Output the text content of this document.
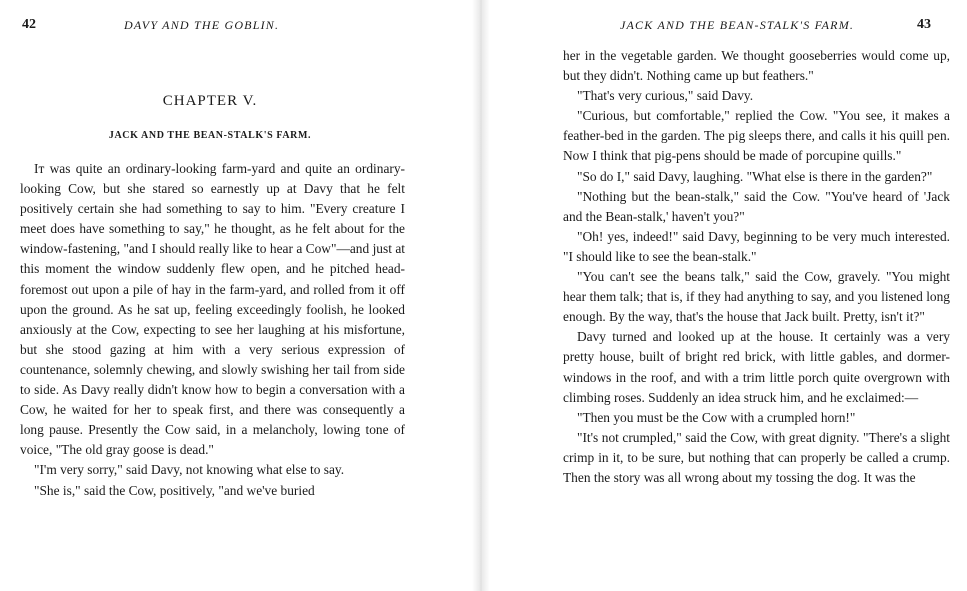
42	DAVY AND THE GOBLIN.
CHAPTER V.
JACK AND THE BEAN-STALK'S FARM.

Iᴛ was quite an ordinary-looking farm-yard and quite an ordinary-looking Cow, but she stared so earnestly up at Davy that he felt positively certain she had something to say to him. "Every creature I meet does have something to say," he thought, as he felt about for the window-fastening, "and I should really like to hear a Cow"—and just at this moment the window suddenly flew open, and he pitched head-foremost out upon a pile of hay in the farm-yard, and rolled from it off upon the ground. As he sat up, feeling exceedingly foolish, he looked anxiously at the Cow, expecting to see her laughing at his misfortune, but she stood gazing at him with a very serious expression of countenance, solemnly chewing, and slowly swishing her tail from side to side. As Davy really didn't know how to begin a conversation with a Cow, he waited for her to speak first, and there was consequently a long pause. Presently the Cow said, in a melancholy, lowing tone of voice, "The old gray goose is dead."

"I'm very sorry," said Davy, not knowing what else to say.

"She is," said the Cow, positively, "and we've buried

JACK AND THE BEAN-STALK'S FARM.	43

her in the vegetable garden. We thought gooseberries would come up, but they didn't. Nothing came up but feathers."

"That's very curious," said Davy.

"Curious, but comfortable," replied the Cow. "You see, it makes a feather-bed in the garden. The pig sleeps there, and calls it his quill pen. Now I think that pig-pens should be made of porcupine quills."

"So do I," said Davy, laughing. "What else is there in the garden?"

"Nothing but the bean-stalk," said the Cow. "You've heard of 'Jack and the Bean-stalk,' haven't you?"

"Oh! yes, indeed!" said Davy, beginning to be very much interested. "I should like to see the bean-stalk."

"You can't see the beans talk," said the Cow, gravely. "You might hear them talk; that is, if they had anything to say, and you listened long enough. By the way, that's the house that Jack built. Pretty, isn't it?"

Davy turned and looked up at the house. It certainly was a very pretty house, built of bright red brick, with little gables, and dormer-windows in the roof, and with a trim little porch quite overgrown with climbing roses. Suddenly an idea struck him, and he exclaimed:—

"Then you must be the Cow with a crumpled horn!"

"It's not crumpled," said the Cow, with great dignity. "There's a slight crimp in it, to be sure, but nothing that can properly be called a crump. Then the story was all wrong about my tossing the dog. It was the
